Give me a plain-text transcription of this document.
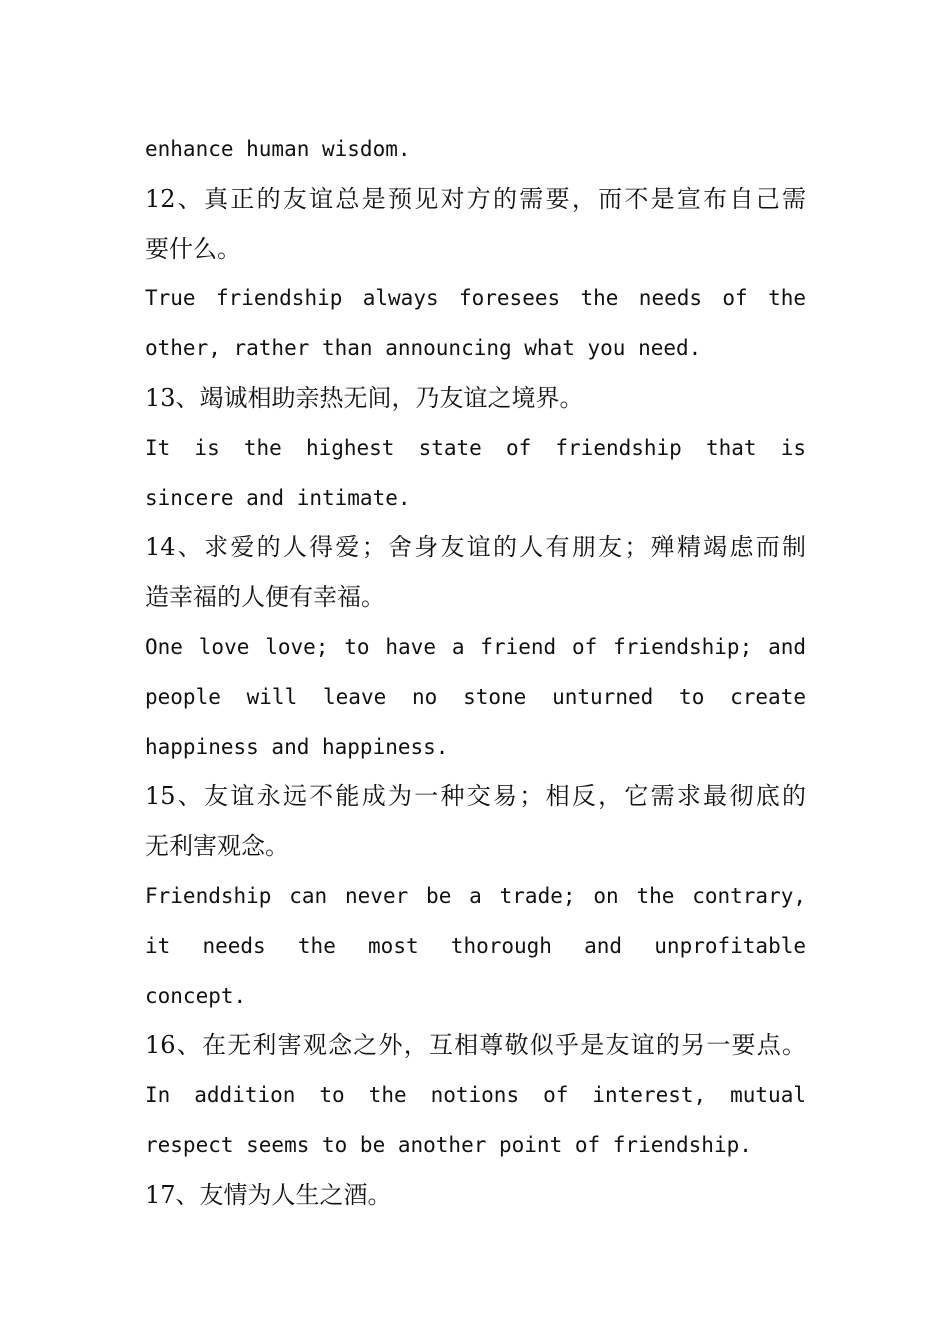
enhance human wisdom.
12、真正的友谊总是预见对方的需要，而不是宣布自己需
要什么。
True friendship always foresees the needs of the
other, rather than announcing what you need.
13、竭诚相助亲热无间，乃友谊之境界。
It is the highest state of friendship that is
sincere and intimate.
14、求爱的人得爱；舍身友谊的人有朋友；殚精竭虑而制
造幸福的人便有幸福。
One love love; to have a friend of friendship; and
people will leave no stone unturned to create
happiness and happiness.
15、友谊永远不能成为一种交易；相反，它需求最彻底的
无利害观念。
Friendship can never be a trade; on the contrary,
it needs the most thorough and unprofitable
concept.
16、在无利害观念之外，互相尊敬似乎是友谊的另一要点。
In addition to the notions of interest, mutual
respect seems to be another point of friendship.
17、友情为人生之酒。
